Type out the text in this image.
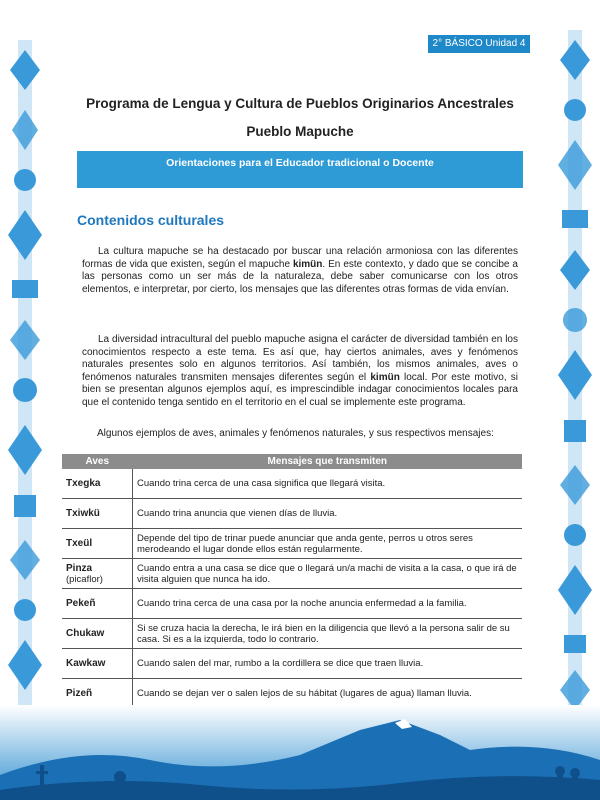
2° BÁSICO Unidad 4
Programa de Lengua y Cultura de Pueblos Originarios Ancestrales
Pueblo Mapuche
Orientaciones para el Educador tradicional o Docente
Contenidos culturales

La cultura mapuche se ha destacado por buscar una relación armoniosa con las diferentes formas de vida que existen, según el mapuche kimün. En este contexto, y dado que se concibe a las personas como un ser más de la naturaleza, debe saber comunicarse con los otros elementos, e interpretar, por cierto, los mensajes que las diferentes otras formas de vida envían.

La diversidad intracultural del pueblo mapuche asigna el carácter de diversidad también en los conocimientos respecto a este tema. Es así que, hay ciertos animales, aves y fenómenos naturales presentes solo en algunos territorios. Así también, los mismos animales, aves o fenómenos naturales transmiten mensajes diferentes según el kimün local. Por este motivo, si bien se presentan algunos ejemplos aquí, es imprescindible indagar conocimientos locales para que el contenido tenga sentido en el territorio en el cual se implemente este programa.

Algunos ejemplos de aves, animales y fenómenos naturales, y sus respectivos mensajes:

Aves	Mensajes que transmiten
Txegka	Cuando trina cerca de una casa significa que llegará visita.
Txiwkü	Cuando trina anuncia que vienen días de lluvia.
Txeül	Depende del tipo de trinar puede anunciar que anda gente, perros u otros seres merodeando el lugar donde ellos están regularmente.
Pinza
(picaflor)	Cuando entra a una casa se dice que o llegará un/a machi de visita a la casa, o que irá de visita alguien que nunca ha ido.
Pekeñ	Cuando trina cerca de una casa por la noche anuncia enfermedad a la familia.
Chukaw	Si se cruza hacia la derecha, le irá bien en la diligencia que llevó a la persona salir de su casa. Si es a la izquierda, todo lo contrario.
Kawkaw	Cuando salen del mar, rumbo a la cordillera se dice que traen lluvia.
Pizeñ	Cuando se dejan ver o salen lejos de su hábitat (lugares de agua) llaman lluvia.
